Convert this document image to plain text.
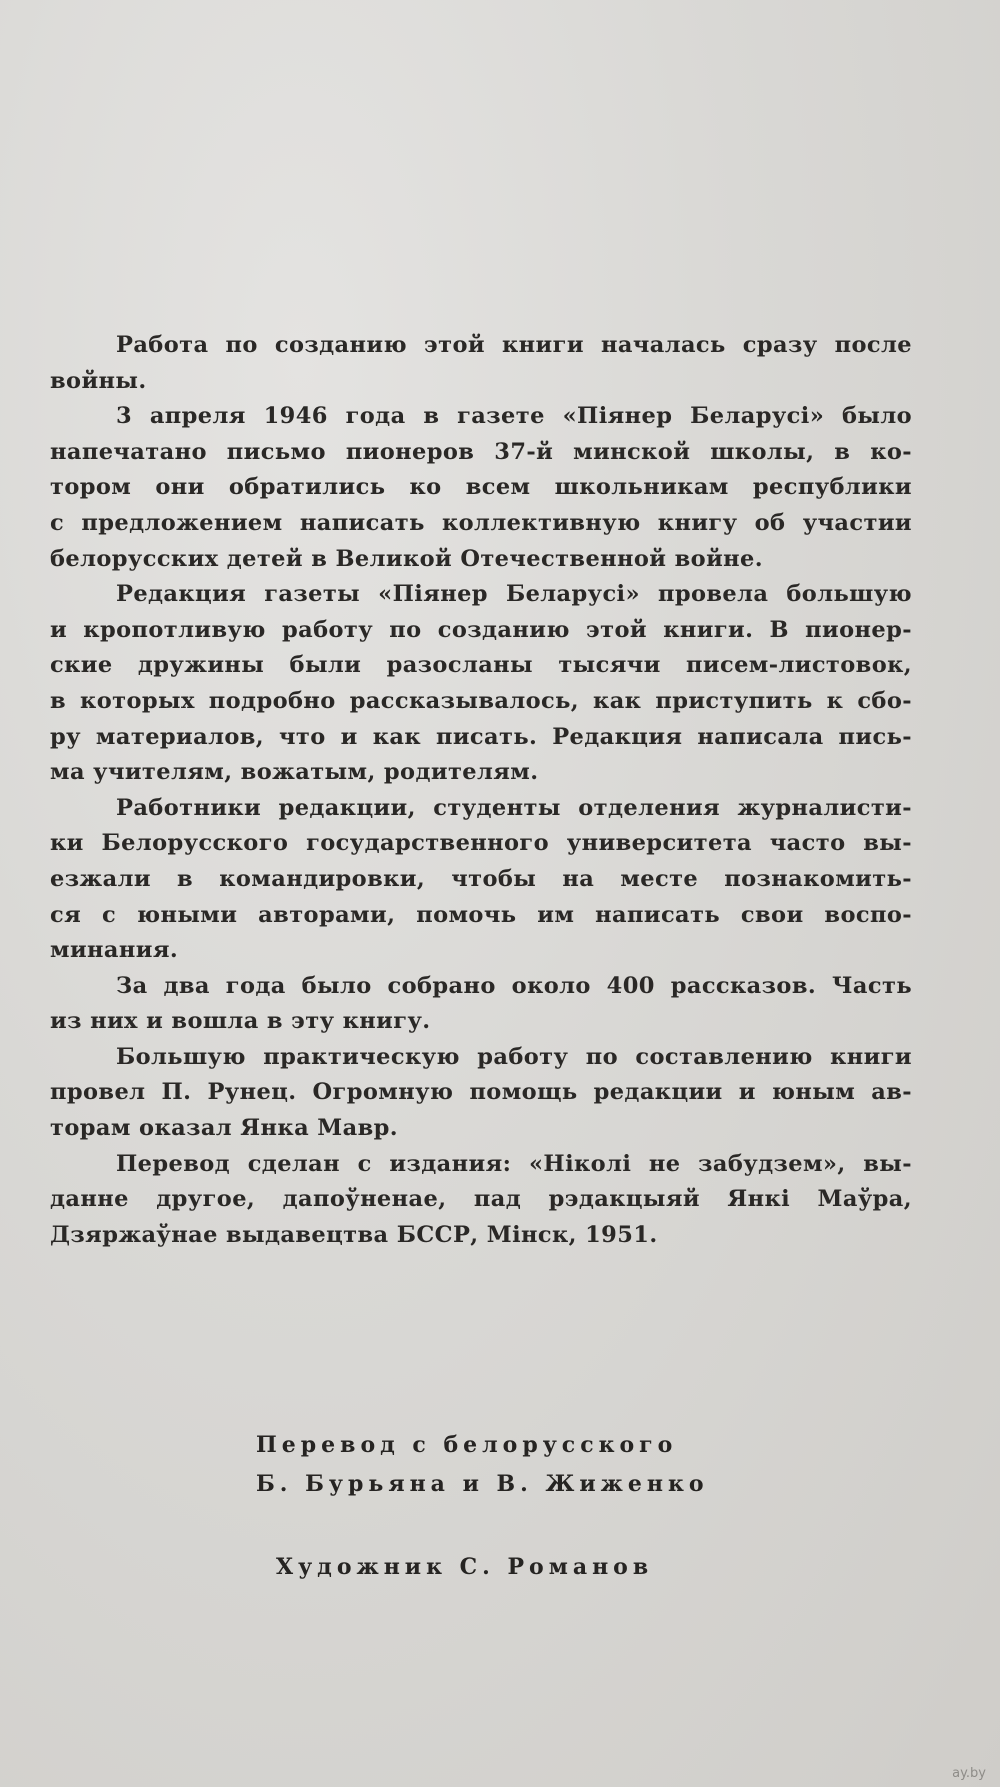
Работа по созданию этой книги началась сразу после
войны.
3 апреля 1946 года в газете «Піянер Беларусі» было
напечатано письмо пионеров 37-й минской школы, в ко-
тором они обратились ко всем школьникам республики
с предложением написать коллективную книгу об участии
белорусских детей в Великой Отечественной войне.
Редакция газеты «Піянер Беларусі» провела большую
и кропотливую работу по созданию этой книги. В пионер-
ские дружины были разосланы тысячи писем-листовок,
в которых подробно рассказывалось, как приступить к сбо-
ру материалов, что и как писать. Редакция написала пись-
ма учителям, вожатым, родителям.
Работники редакции, студенты отделения журналисти-
ки Белорусского государственного университета часто вы-
езжали в командировки, чтобы на месте познакомить-
ся с юными авторами, помочь им написать свои воспо-
минания.
За два года было собрано около 400 рассказов. Часть
из них и вошла в эту книгу.
Большую практическую работу по составлению книги
провел П. Рунец. Огромную помощь редакции и юным ав-
торам оказал Янка Мавр.
Перевод сделан с издания: «Ніколі не забудзем», вы-
данне другое, дапоўненае, пад рэдакцыяй Янкі Маўра,
Дзяржаўнае выдавецтва БССР, Мінск, 1951.
Перевод с белорусского
Б. Бурьяна и В. Жиженко
Художник С. Романов
ay.by
